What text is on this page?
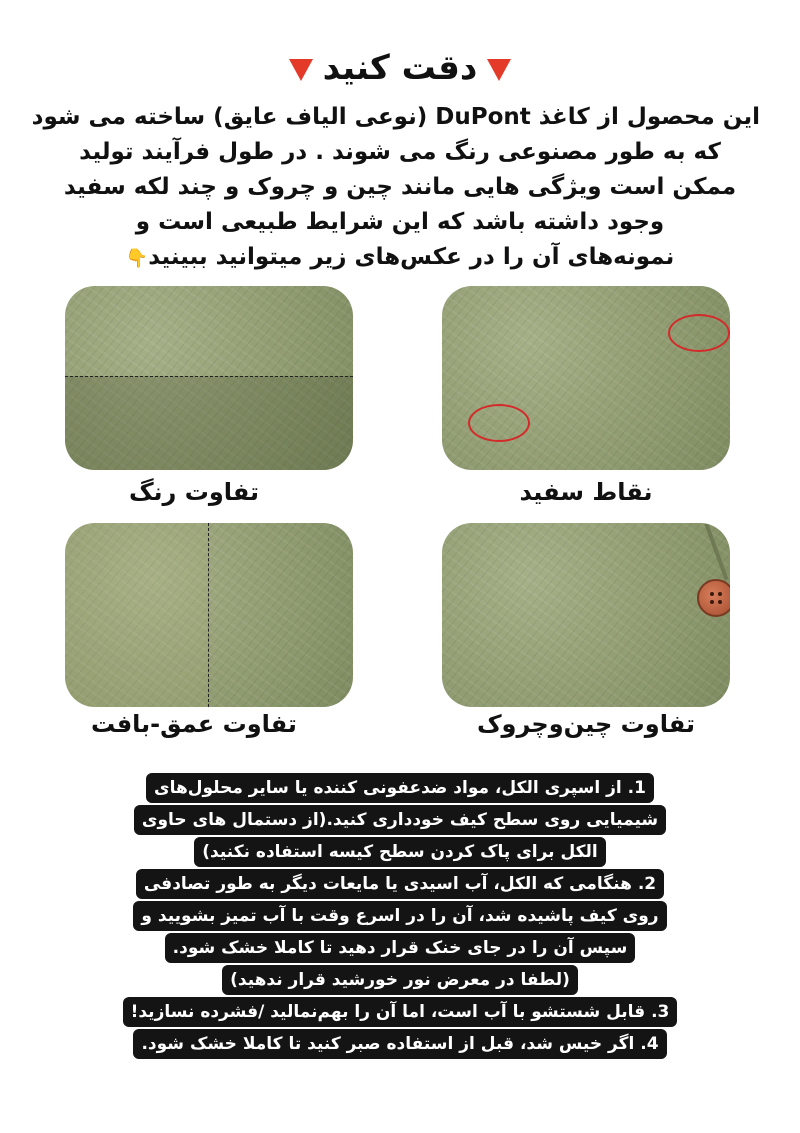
دقت کنید
این محصول از کاغذ DuPont (نوعی الیاف عایق) ساخته می شود
که به طور مصنوعی رنگ می شوند . در طول فرآیند تولید
ممکن است ویژگی هایی مانند چین و چروک و چند لکه سفید
وجود داشته باشد که این شرایط طبیعی است و
نمونه‌های آن را در عکس‌های زیر میتوانید ببینید👇
نقاط سفید
تفاوت رنگ
تفاوت چین‌وچروک
تفاوت عمق-بافت
1. از اسپری الکل، مواد ضدعفونی کننده یا سایر محلول‌های
شیمیایی روی سطح کیف خودداری کنید.(از دستمال های حاوی
الکل برای پاک کردن سطح کیسه استفاده نکنید)
2. هنگامی که الکل، آب اسیدی یا مایعات دیگر به طور تصادفی
روی کیف پاشیده شد، آن را در اسرع وقت با آب تمیز بشویید و
سپس آن را در جای خنک قرار دهید تا کاملا خشک شود.
(لطفا در معرض نور خورشید قرار ندهید)
3. قابل شستشو با آب است، اما آن را بهم‌نمالید /فشرده نسازید!
4. اگر خیس شد، قبل از استفاده صبر کنید تا کاملا خشک شود.
